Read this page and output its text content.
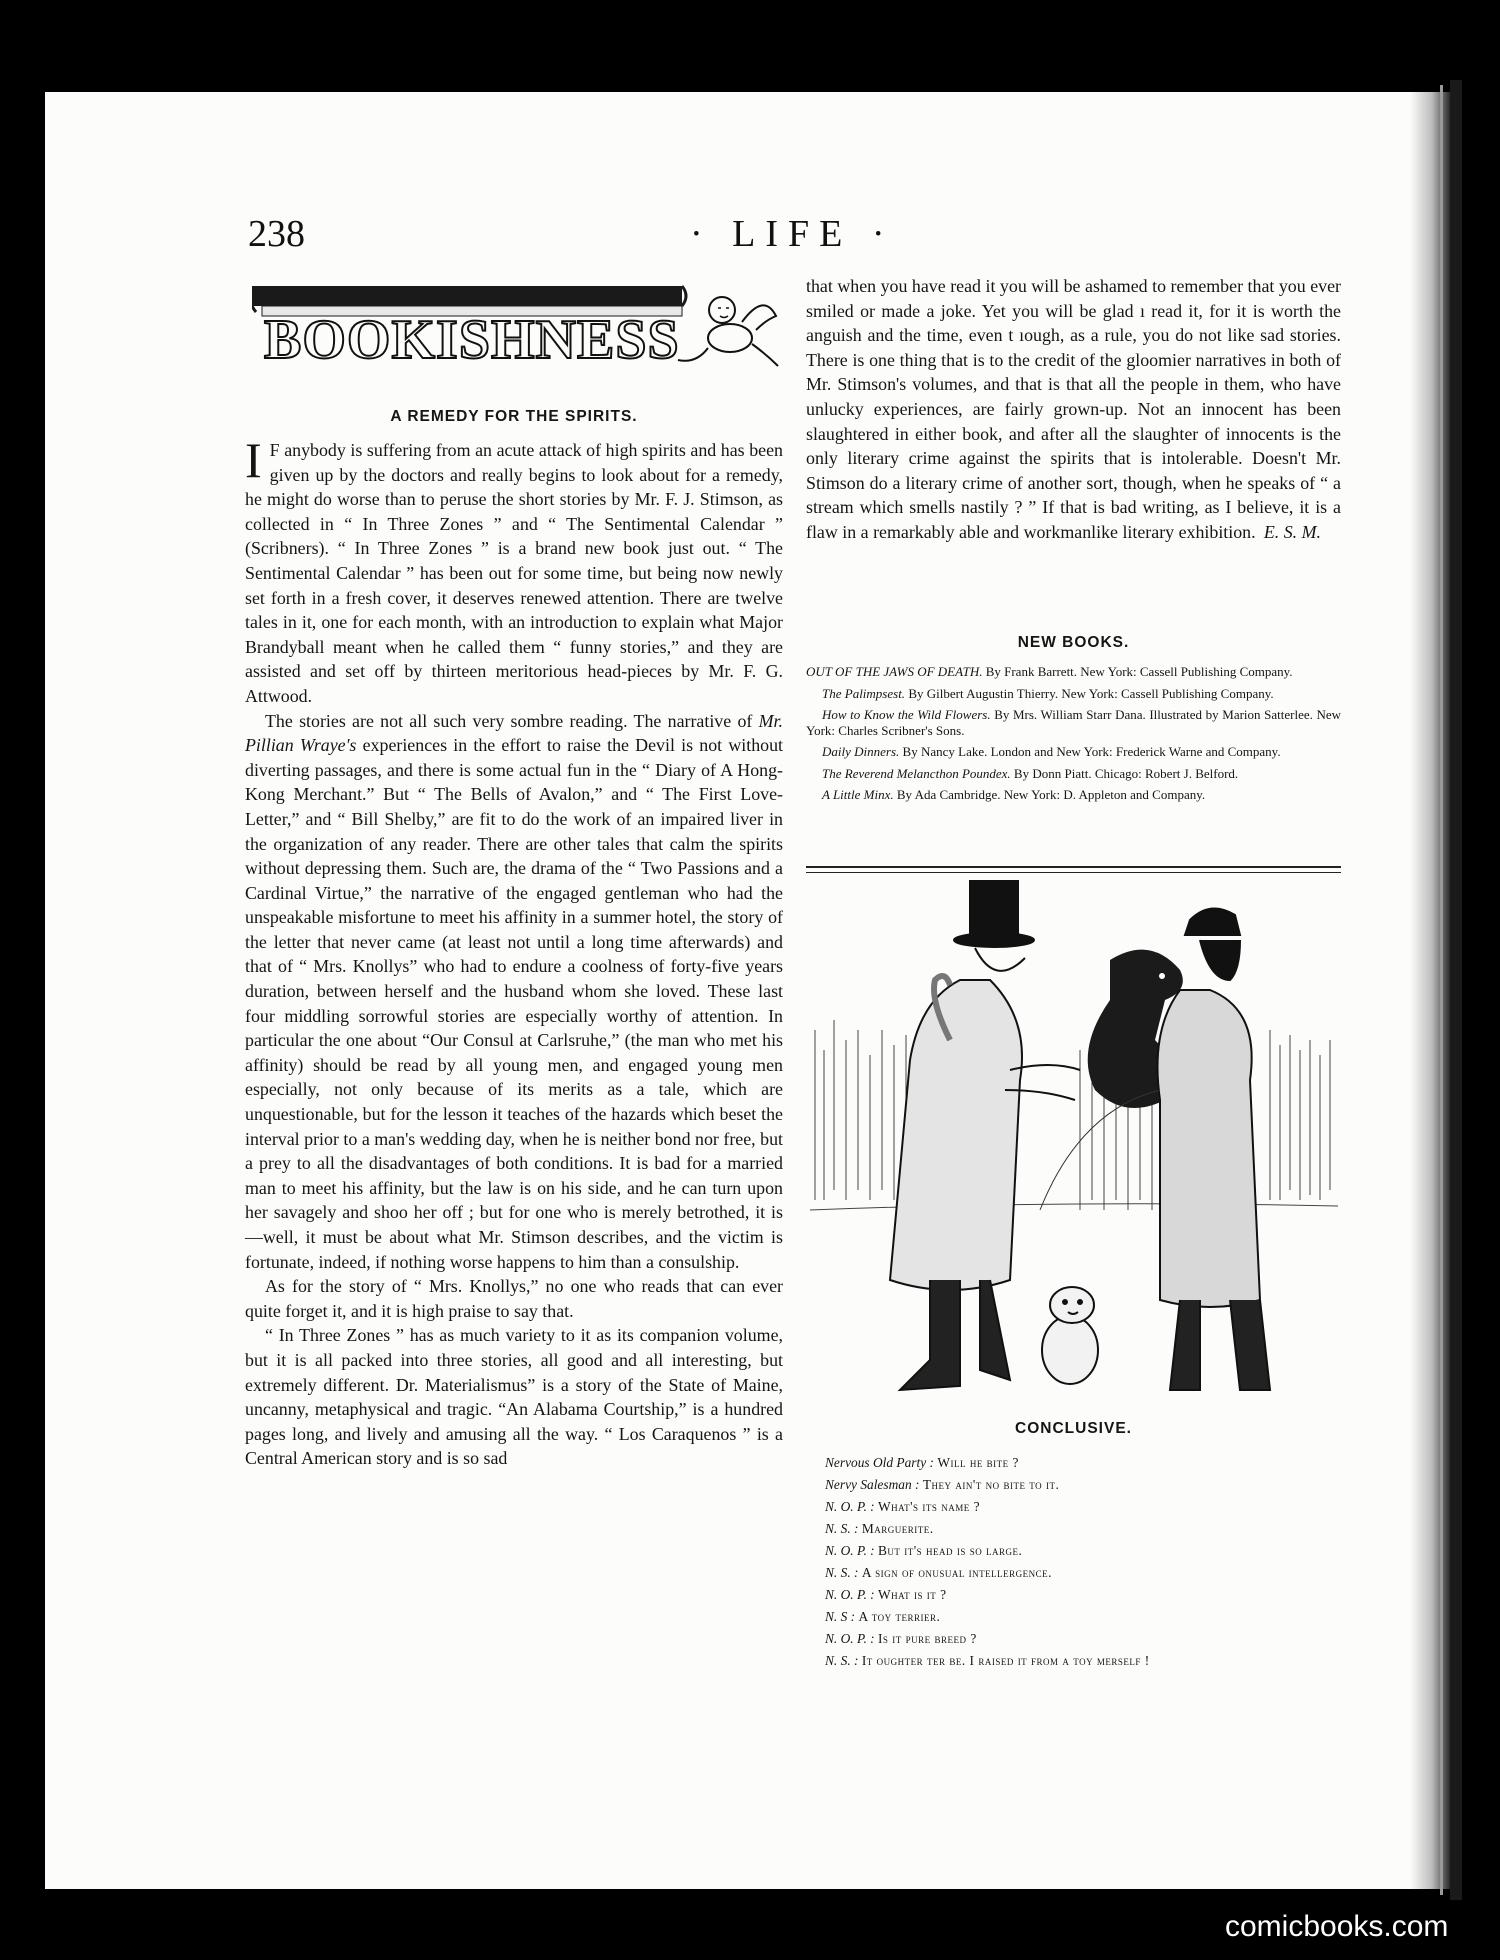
238	· LIFE ·
BOOKISHNESS
A REMEDY FOR THE SPIRITS.

I F anybody is suffering from an acute attack of high spirits and has been given up by the doctors and really begins to look about for a remedy, he might do worse than to peruse the short stories by Mr. F. J. Stimson, as collected in “ In Three Zones ” and “ The Sentimental Calendar ” (Scribners). “ In Three Zones ” is a brand new book just out. “ The Sentimental Calendar ” has been out for some time, but being now newly set forth in a fresh cover, it deserves renewed attention. There are twelve tales in it, one for each month, with an introduction to explain what Major Brandyball meant when he called them “ funny stories,” and they are assisted and set off by thirteen meritorious head-pieces by Mr. F. G. Attwood.

The stories are not all such very sombre reading. The narrative of Mr. Pillian Wraye's experiences in the effort to raise the Devil is not without diverting passages, and there is some actual fun in the “ Diary of A Hong-Kong Merchant.” But “ The Bells of Avalon,” and “ The First Love-Letter,” and “ Bill Shelby,” are fit to do the work of an impaired liver in the organization of any reader. There are other tales that calm the spirits without depressing them. Such are, the drama of the “ Two Passions and a Cardinal Virtue,” the narrative of the engaged gentleman who had the unspeakable misfortune to meet his affinity in a summer hotel, the story of the letter that never came (at least not until a long time afterwards) and that of “ Mrs. Knollys” who had to endure a coolness of forty-five years duration, between herself and the husband whom she loved. These last four middling sorrowful stories are especially worthy of attention. In particular the one about “Our Consul at Carlsruhe,” (the man who met his affinity) should be read by all young men, and engaged young men especially, not only because of its merits as a tale, which are unquestionable, but for the lesson it teaches of the hazards which beset the interval prior to a man's wedding day, when he is neither bond nor free, but a prey to all the disadvantages of both conditions. It is bad for a married man to meet his affinity, but the law is on his side, and he can turn upon her savagely and shoo her off ; but for one who is merely betrothed, it is —well, it must be about what Mr. Stimson describes, and the victim is fortunate, indeed, if nothing worse happens to him than a consulship.

As for the story of “ Mrs. Knollys,” no one who reads that can ever quite forget it, and it is high praise to say that.

“ In Three Zones ” has as much variety to it as its companion volume, but it is all packed into three stories, all good and all interesting, but extremely different. Dr. Materialismus” is a story of the State of Maine, uncanny, metaphysical and tragic. “An Alabama Courtship,” is a hundred pages long, and lively and amusing all the way. “ Los Caraquenos ” is a Central American story and is so sad

that when you have read it you will be ashamed to remember that you ever smiled or made a joke. Yet you will be glad ı read it, for it is worth the anguish and the time, even t ıough, as a rule, you do not like sad stories. There is one thing that is to the credit of the gloomier narratives in both of Mr. Stimson's volumes, and that is that all the people in them, who have unlucky experiences, are fairly grown-up. Not an innocent has been slaughtered in either book, and after all the slaughter of innocents is the only literary crime against the spirits that is intolerable. Doesn't Mr. Stimson do a literary crime of another sort, though, when he speaks of “ a stream which smells nastily ? ” If that is bad writing, as I believe, it is a flaw in a remarkably able and workmanlike literary exhibition. E. S. M.

NEW BOOKS.
OUT OF THE JAWS OF DEATH. By Frank Barrett. New York: Cassell Publishing Company.
The Palimpsest. By Gilbert Augustin Thierry. New York: Cassell Publishing Company.
How to Know the Wild Flowers. By Mrs. William Starr Dana. Illustrated by Marion Satterlee. New York: Charles Scribner's Sons.
Daily Dinners. By Nancy Lake. London and New York: Frederick Warne and Company.
The Reverend Melancthon Poundex. By Donn Piatt. Chicago: Robert J. Belford.
A Little Minx. By Ada Cambridge. New York: D. Appleton and Company.
CONCLUSIVE.
Nervous Old Party : Will he bite ?
Nervy Salesman : They ain't no bite to it.
N. O. P. : What's its name ?
N. S. : Marguerite.
N. O. P. : But it's head is so large.
N. S. : A sign of onusual intellergence.
N. O. P. : What is it ?
N. S : A toy terrier.
N. O. P. : Is it pure breed ?
N. S. : It oughter ter be. I raised it from a toy merself !
comicbooks.com
